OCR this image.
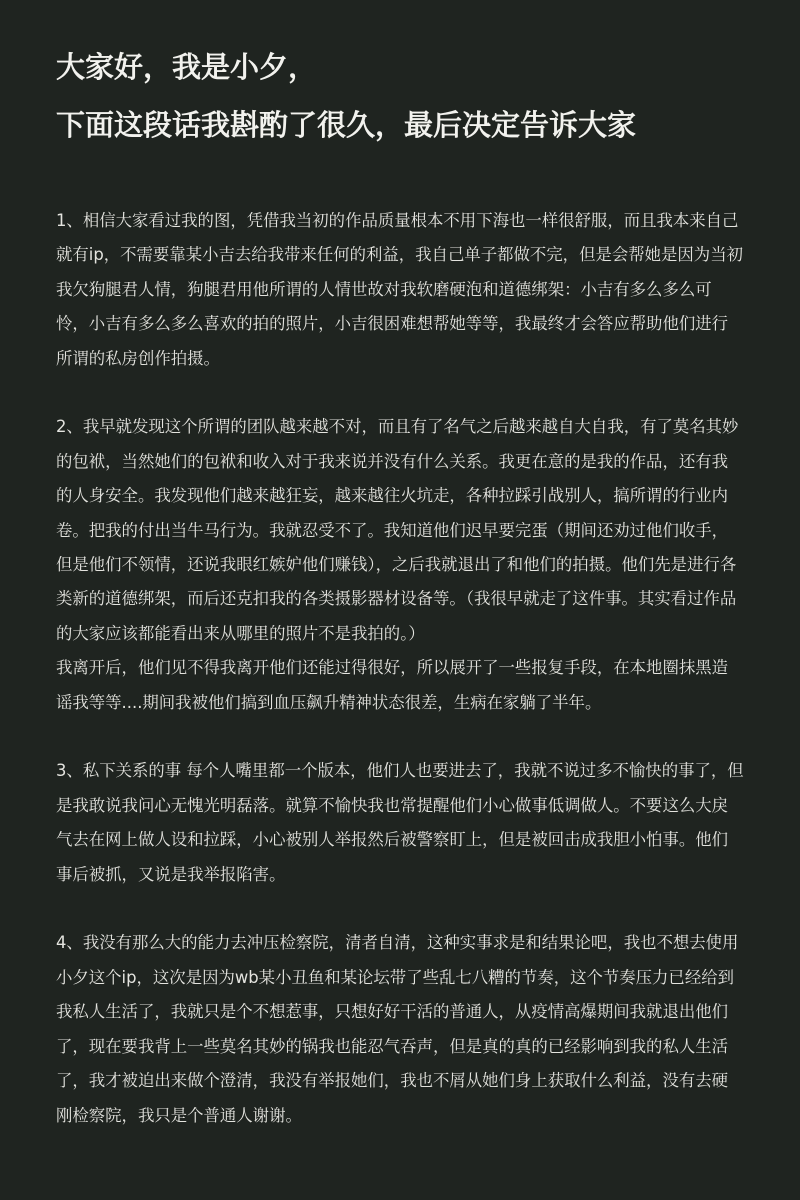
大家好，我是小夕，
下面这段话我斟酌了很久，最后决定告诉大家

1、相信大家看过我的图，凭借我当初的作品质量根本不用下海也一样很舒服，而且我本来自己就有ip，不需要靠某小吉去给我带来任何的利益，我自己单子都做不完，但是会帮她是因为当初我欠狗腿君人情，狗腿君用他所谓的人情世故对我软磨硬泡和道德绑架：小吉有多么多么可怜，小吉有多么多么喜欢的拍的照片，小吉很困难想帮她等等，我最终才会答应帮助他们进行所谓的私房创作拍摄。

2、我早就发现这个所谓的团队越来越不对，而且有了名气之后越来越自大自我，有了莫名其妙的包袱，当然她们的包袱和收入对于我来说并没有什么关系。我更在意的是我的作品，还有我的人身安全。我发现他们越来越狂妄，越来越往火坑走，各种拉踩引战别人，搞所谓的行业内卷。把我的付出当牛马行为。我就忍受不了。我知道他们迟早要完蛋（期间还劝过他们收手，但是他们不领情，还说我眼红嫉妒他们赚钱），之后我就退出了和他们的拍摄。他们先是进行各类新的道德绑架，而后还克扣我的各类摄影器材设备等。（我很早就走了这件事。其实看过作品的大家应该都能看出来从哪里的照片不是我拍的。）

我离开后，他们见不得我离开他们还能过得很好，所以展开了一些报复手段，在本地圈抹黑造谣我等等....期间我被他们搞到血压飙升精神状态很差，生病在家躺了半年。

3、私下关系的事 每个人嘴里都一个版本，他们人也要进去了，我就不说过多不愉快的事了，但是我敢说我问心无愧光明磊落。就算不愉快我也常提醒他们小心做事低调做人。不要这么大戾气去在网上做人设和拉踩，小心被别人举报然后被警察盯上，但是被回击成我胆小怕事。他们事后被抓，又说是我举报陷害。

4、我没有那么大的能力去冲压检察院，清者自清，这种实事求是和结果论吧，我也不想去使用小夕这个ip，这次是因为wb某小丑鱼和某论坛带了些乱七八糟的节奏，这个节奏压力已经给到我私人生活了，我就只是个不想惹事，只想好好干活的普通人，从疫情高爆期间我就退出他们了，现在要我背上一些莫名其妙的锅我也能忍气吞声，但是真的真的已经影响到我的私人生活了，我才被迫出来做个澄清，我没有举报她们，我也不屑从她们身上获取什么利益，没有去硬刚检察院，我只是个普通人谢谢。
